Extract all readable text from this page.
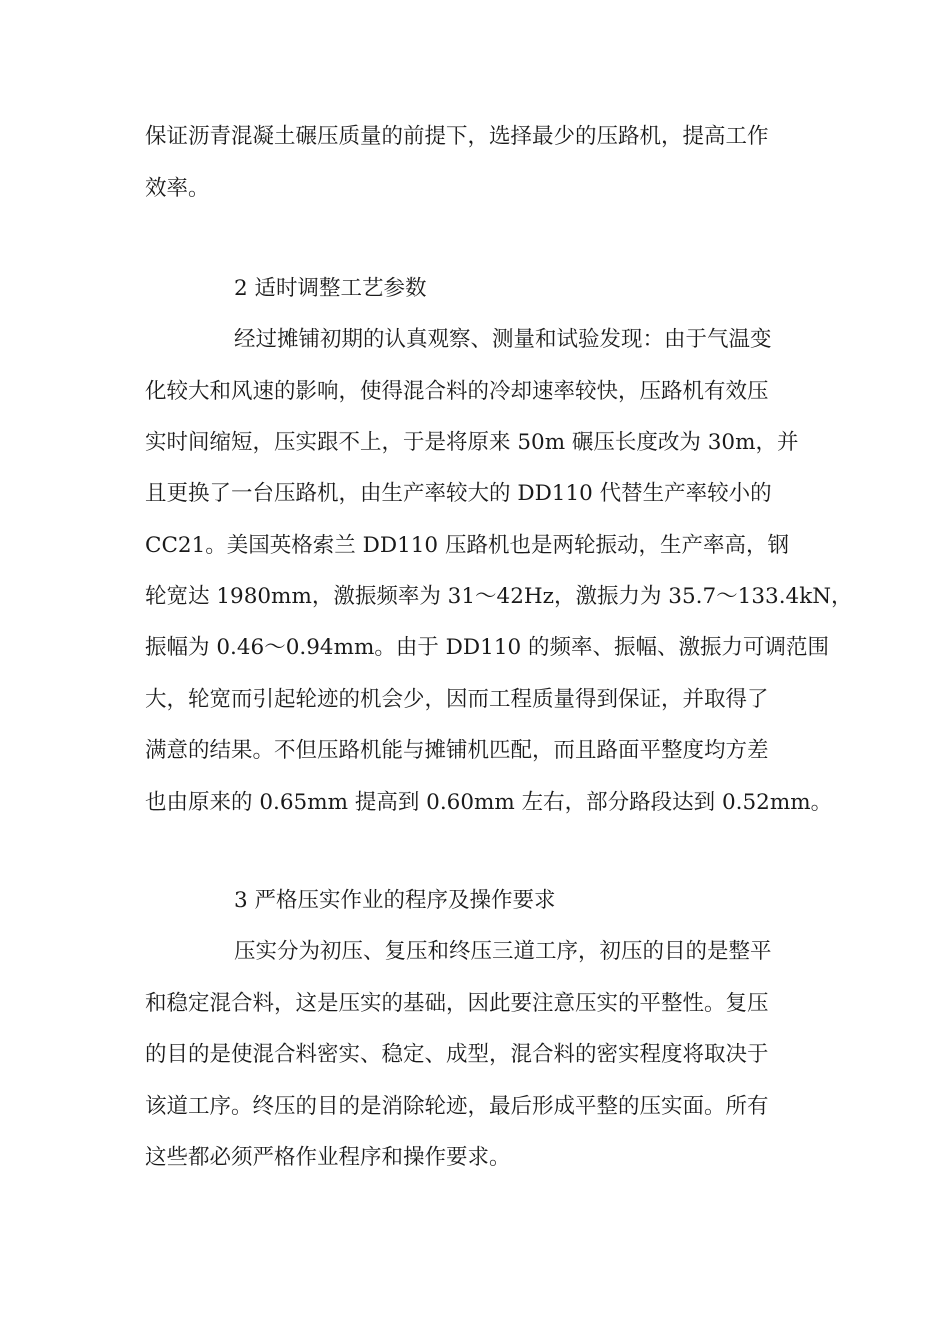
保证沥青混凝土碾压质量的前提下，选择最少的压路机，提高工作
效率。
2 适时调整工艺参数
经过摊铺初期的认真观察、测量和试验发现：由于气温变
化较大和风速的影响，使得混合料的冷却速率较快，压路机有效压
实时间缩短，压实跟不上，于是将原来 50m 碾压长度改为 30m，并
且更换了一台压路机，由生产率较大的 DD110 代替生产率较小的
CC21。美国英格索兰 DD110 压路机也是两轮振动，生产率高，钢
轮宽达 1980mm，激振频率为 31～42Hz，激振力为 35.7～133.4kN，
振幅为 0.46～0.94mm。由于 DD110 的频率、振幅、激振力可调范围
大，轮宽而引起轮迹的机会少，因而工程质量得到保证，并取得了
满意的结果。不但压路机能与摊铺机匹配，而且路面平整度均方差
也由原来的 0.65mm 提高到 0.60mm 左右，部分路段达到 0.52mm。
3 严格压实作业的程序及操作要求
压实分为初压、复压和终压三道工序，初压的目的是整平
和稳定混合料，这是压实的基础，因此要注意压实的平整性。复压
的目的是使混合料密实、稳定、成型，混合料的密实程度将取决于
该道工序。终压的目的是消除轮迹，最后形成平整的压实面。所有
这些都必须严格作业程序和操作要求。
